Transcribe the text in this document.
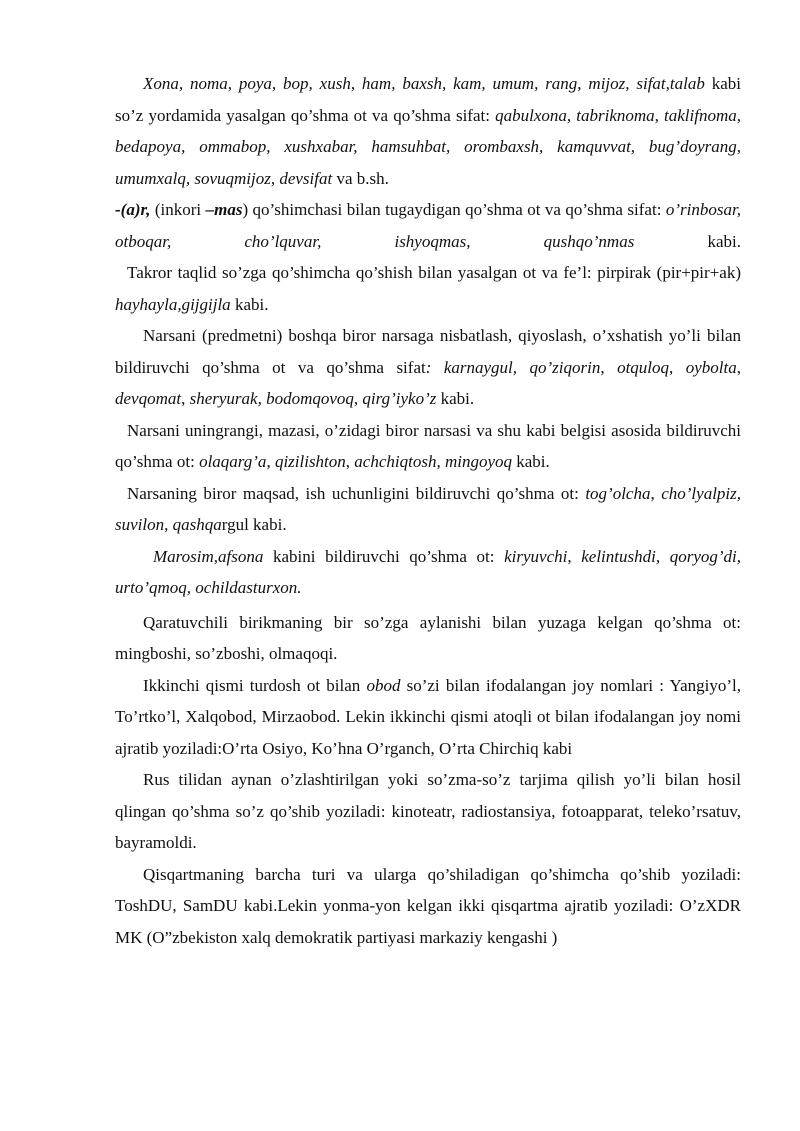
Xona, noma, poya, bop, xush, ham, baxsh, kam, umum, rang, mijoz, sifat,talab kabi so’z yordamida yasalgan qo’shma ot va qo’shma sifat: qabulxona, tabriknoma, taklifnoma, bedapoya, ommabop, xushxabar, hamsuhbat, orombaxsh, kamquvvat, bug’doyrang, umumxalq, sovuqmijoz, devsifat va b.sh.

-(a)r, (inkori –mas) qo’shimchasi bilan tugaydigan qo’shma ot va qo’shma sifat: o’rinbosar, otboqar, cho’lquvar, ishyoqmas, qushqo’nmas kabi.

Takror taqlid so’zga qo’shimcha qo’shish bilan yasalgan ot va fe’l: pirpirak (pir+pir+ak) hayhayla,gijgijla kabi.

Narsani (predmetni) boshqa biror narsaga nisbatlash, qiyoslash, o’xshatish yo’li bilan bildiruvchi qo’shma ot va qo’shma sifat: karnaygul, qo’ziqorin, otquloq, oybolta, devqomat, sheryurak, bodomqovoq, qirg’iyko’z kabi.

Narsani uningrangi, mazasi, o’zidagi biror narsasi va shu kabi belgisi asosida bildiruvchi qo’shma ot: olaqarg’a, qizilishton, achchiqtosh, mingoyoq kabi.

Narsaning biror maqsad, ish uchunligini bildiruvchi qo’shma ot: tog’olcha, cho’lyalpiz, suvilon, qashqargul kabi.

Marosim,afsona kabini bildiruvchi qo’shma ot: kiryuvchi, kelintushdi, qoryog’di, urto’qmoq, ochildasturxon.

Qaratuvchili birikmaning bir so’zga aylanishi bilan yuzaga kelgan qo’shma ot: mingboshi, so’zboshi, olmaqoqi.

Ikkinchi qismi turdosh ot bilan obod so’zi bilan ifodalangan joy nomlari : Yangiyo’l, To’rtko’l, Xalqobod, Mirzaobod. Lekin ikkinchi qismi atoqli ot bilan ifodalangan joy nomi ajratib yoziladi:O’rta Osiyo, Ko’hna O’rganch, O’rta Chirchiq kabi

Rus tilidan aynan o’zlashtirilgan yoki so’zma-so’z tarjima qilish yo’li bilan hosil qlingan qo’shma so’z qo’shib yoziladi: kinoteatr, radiostansiya, fotoapparat, teleko’rsatuv, bayramoldi.

Qisqartmaning barcha turi va ularga qo’shiladigan qo’shimcha qo’shib yoziladi: ToshDU, SamDU kabi.Lekin yonma-yon kelgan ikki qisqartma ajratib yoziladi: O’zXDR MK (O”zbekiston xalq demokratik partiyasi markaziy kengashi )
